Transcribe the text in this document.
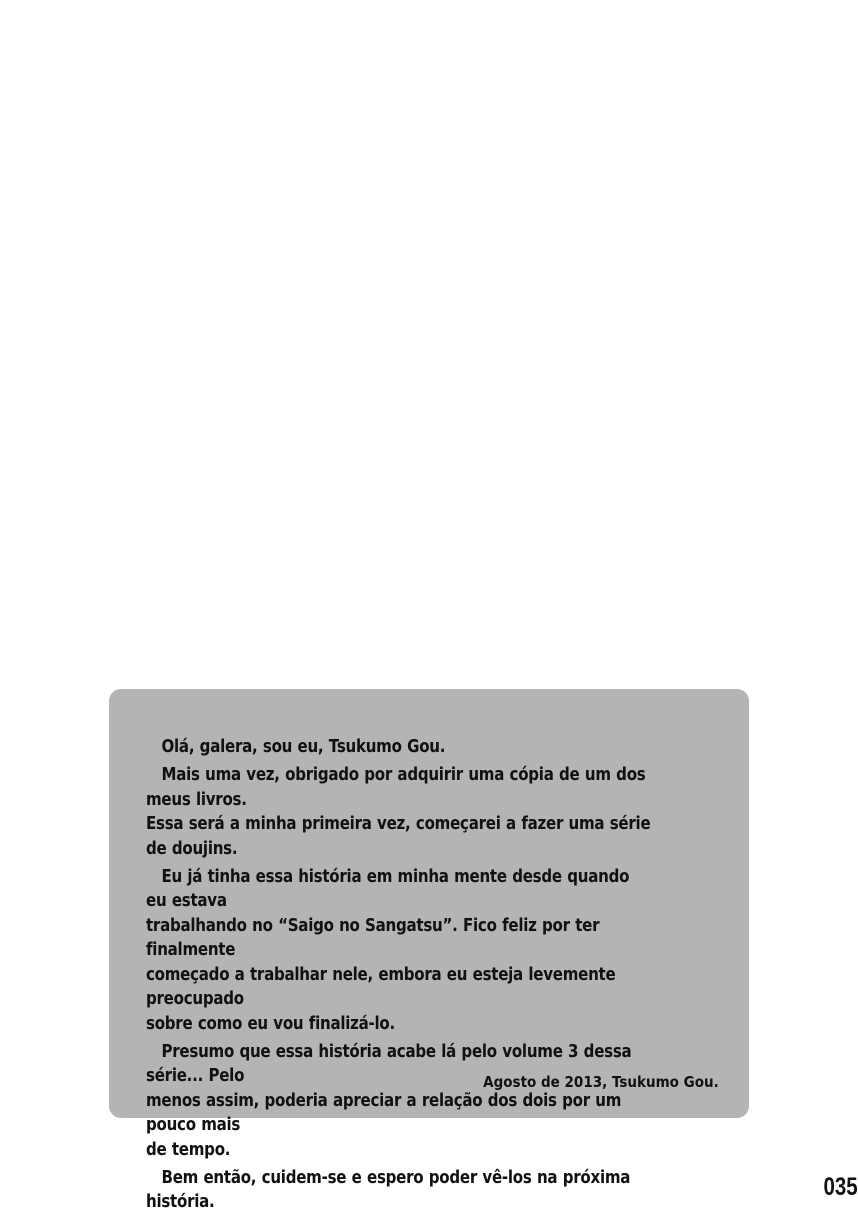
Olá, galera, sou eu, Tsukumo Gou.

Mais uma vez, obrigado por adquirir uma cópia de um dos meus livros.
Essa será a minha primeira vez, começarei a fazer uma série de doujins.

Eu já tinha essa história em minha mente desde quando eu estava
trabalhando no “Saigo no Sangatsu”. Fico feliz por ter finalmente
começado a trabalhar nele, embora eu esteja levemente preocupado
sobre como eu vou finalizá-lo.

Presumo que essa história acabe lá pelo volume 3 dessa série... Pelo
menos assim, poderia apreciar a relação dos dois por um pouco mais
de tempo.

Bem então, cuidem-se e espero poder vê-los na próxima história.

Agosto de 2013, Tsukumo Gou.
035
